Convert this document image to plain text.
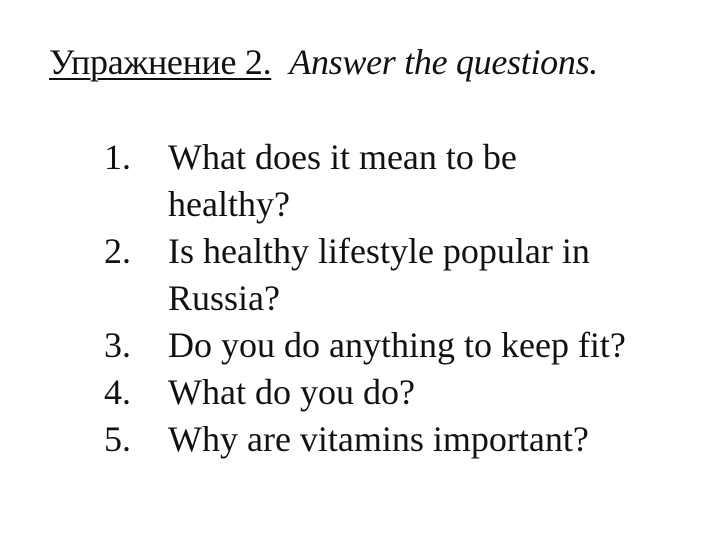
Упражнение 2. Answer the questions.
1.	What does it mean to be healthy?
2.	Is healthy lifestyle popular in Russia?
3.	Do you do anything to keep fit?
4.	What do you do?
5.	Why are vitamins important?
